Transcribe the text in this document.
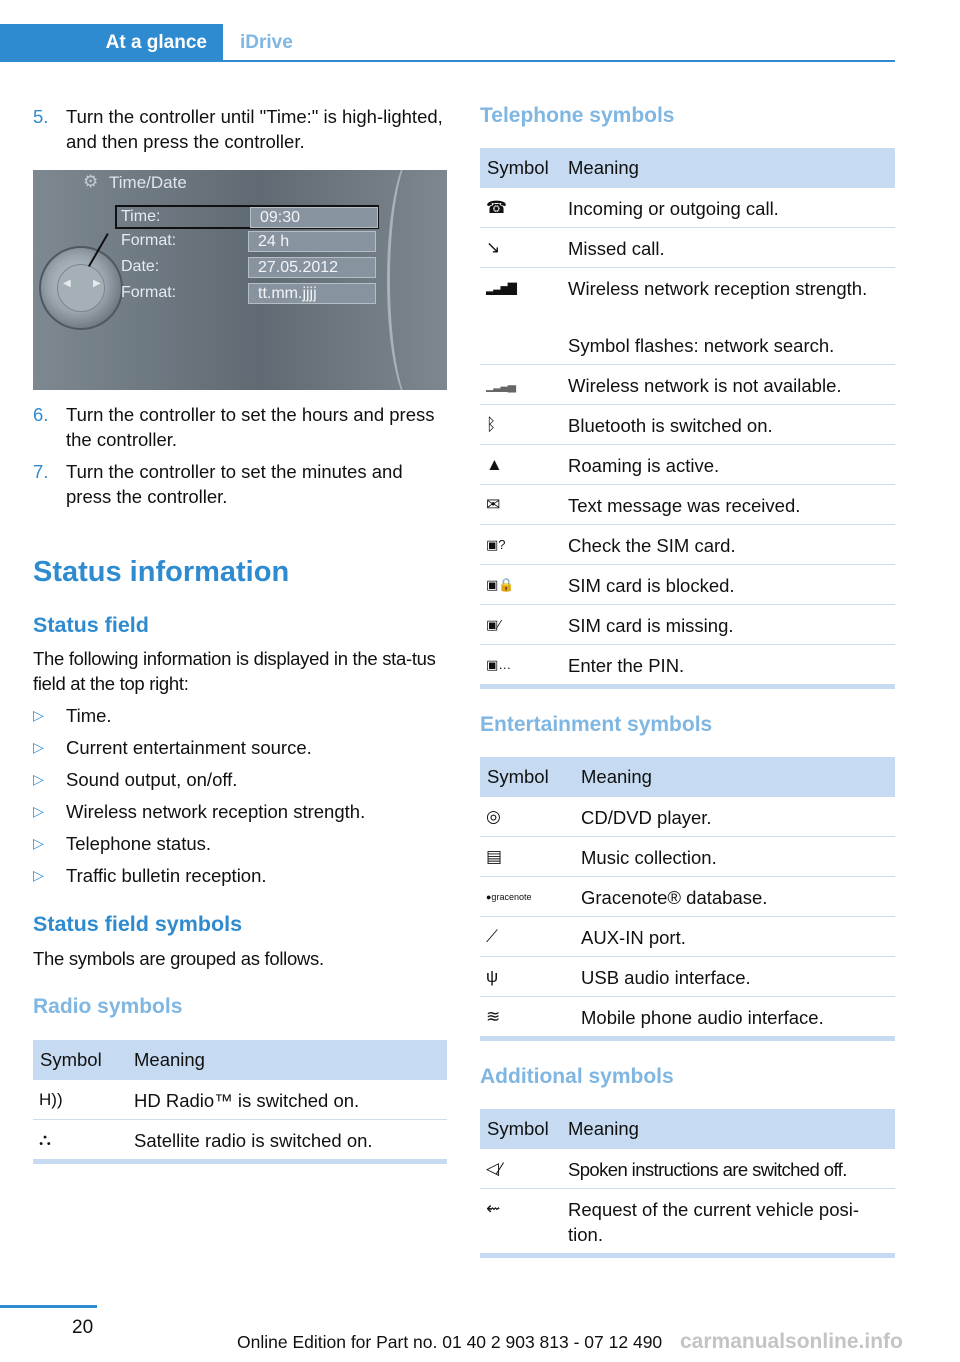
At a glance	iDrive
5. Turn the controller until "Time:" is high-lighted, and then press the controller.
⚙ Time/Date
◀ ▶
Time:	09:30
Format:	24 h
Date:	27.05.2012
Format:	tt.mm.jjjj
6. Turn the controller to set the hours and press the controller.
7. Turn the controller to set the minutes and press the controller.
Status information
Status field
The following information is displayed in the sta-tus field at the top right:
▷ Time.
▷ Current entertainment source.
▷ Sound output, on/off.
▷ Wireless network reception strength.
▷ Telephone status.
▷ Traffic bulletin reception.
Status field symbols
The symbols are grouped as follows.
Radio symbols
Symbol Meaning
H))	HD Radio™ is switched on.
⛬	Satellite radio is switched on.
Telephone symbols
Symbol Meaning
☎	Incoming or outgoing call.
↘	Missed call.
▂▃▅▇	Wireless network reception strength.
Symbol flashes: network search.
▁▂▃▄	Wireless network is not available.
ᛒ	Bluetooth is switched on.
▲	Roaming is active.
✉	Text message was received.
▣?	Check the SIM card.
▣🔒	SIM card is blocked.
▣⁄	SIM card is missing.
▣…	Enter the PIN.
Entertainment symbols
Symbol Meaning
◎	CD/DVD player.
▤	Music collection.
●gracenote	Gracenote® database.
⟋	AUX-IN port.
ψ	USB audio interface.
≋	Mobile phone audio interface.
Additional symbols
Symbol Meaning
◁⁄	Spoken instructions are switched off.
⇜	Request of the current vehicle posi-tion.
20
Online Edition for Part no. 01 40 2 903 813 - 07 12 490 carmanualsonline.info
